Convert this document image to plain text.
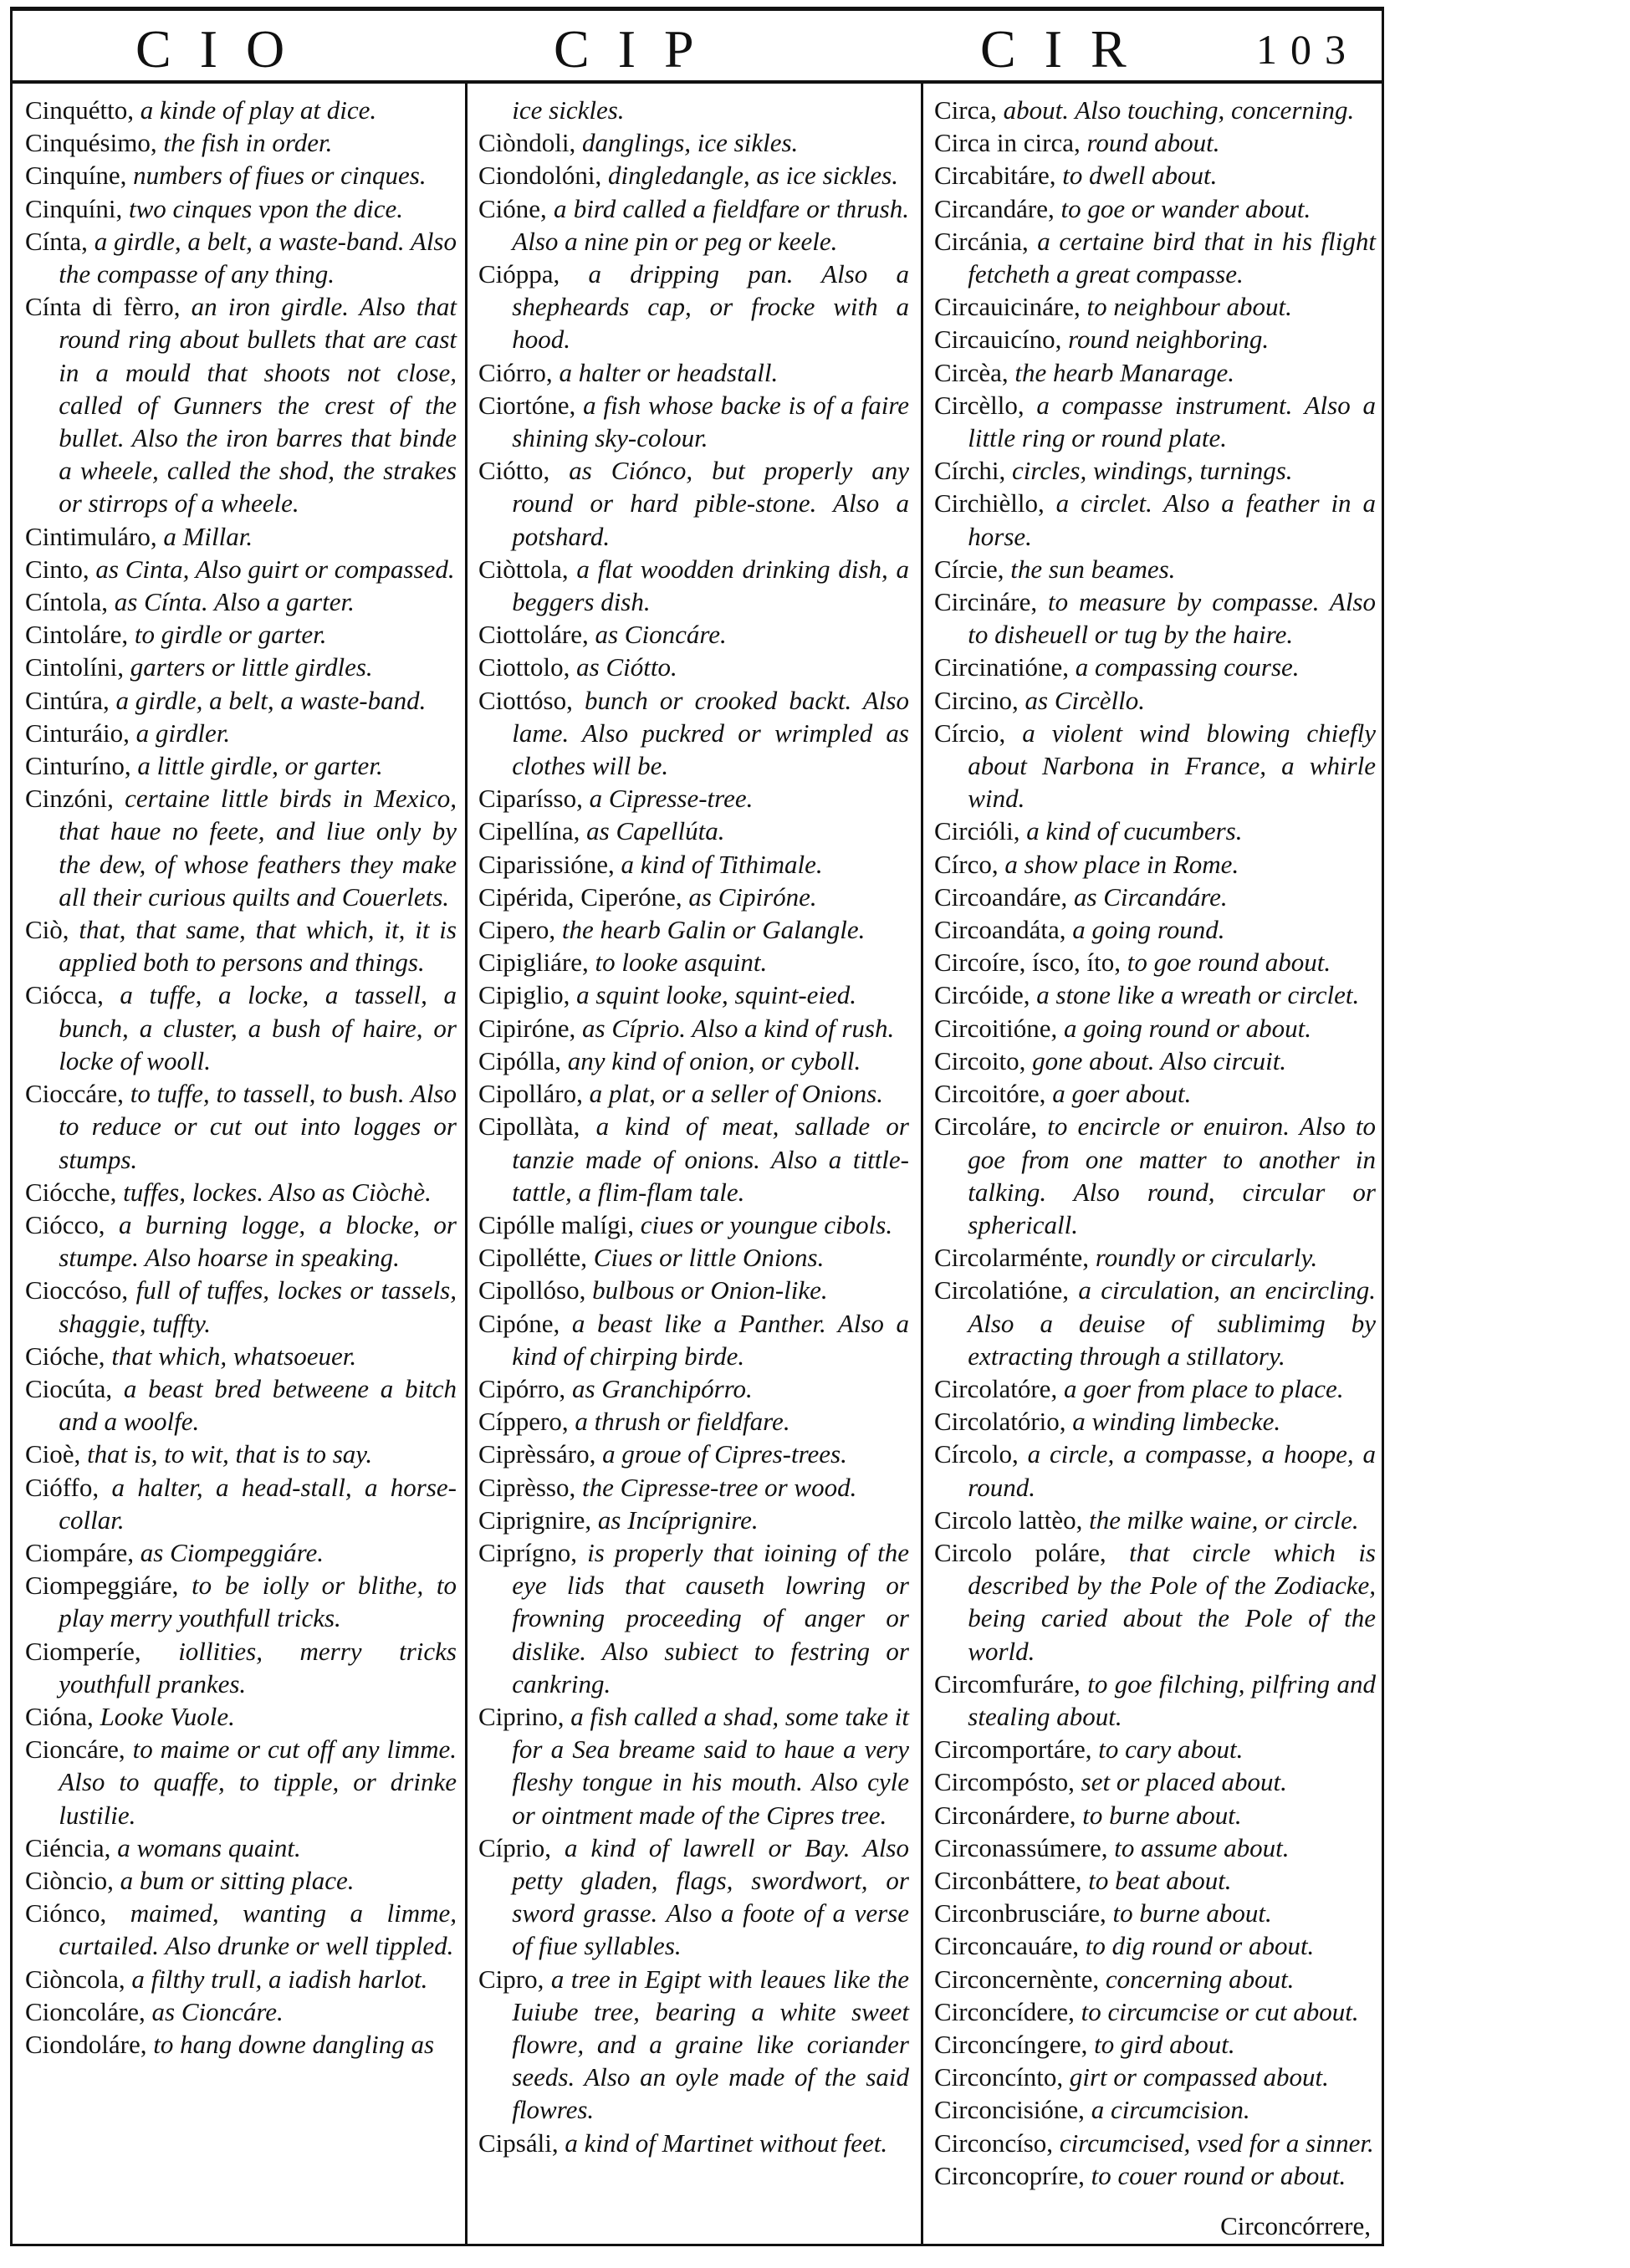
CIO	CIP	CIR 103
Cinquétto, a kinde of play at dice.
Cinquésimo, the fish in order.
Cinquíne, numbers of fiues or cinques.
Cinquíni, two cinques vpon the dice.
Cínta, a girdle, a belt, a waste-band. Also the compasse of any thing.
Cínta di fèrro, an iron girdle. Also that round ring about bullets that are cast in a mould that shoots not close, called of Gunners the crest of the bullet. Also the iron barres that binde a wheele, called the shod, the strakes or stirrops of a wheele.
Cintimuláro, a Millar.
Cinto, as Cinta, Also guirt or compassed.
Cíntola, as Cínta. Also a garter.
Cintoláre, to girdle or garter.
Cintolíni, garters or little girdles.
Cintúra, a girdle, a belt, a waste-band.
Cinturáio, a girdler.
Cinturíno, a little girdle, or garter.
Cinzóni, certaine little birds in Mexico, that haue no feete, and liue only by the dew, of whose feathers they make all their curious quilts and Couerlets.
Ciò, that, that same, that which, it, it is applied both to persons and things.
Ciócca, a tuffe, a locke, a tassell, a bunch, a cluster, a bush of haire, or locke of wooll.
Cioccáre, to tuffe, to tassell, to bush. Also to reduce or cut out into logges or stumps.
Ciócche, tuffes, lockes. Also as Ciòchè.
Ciócco, a burning logge, a blocke, or stumpe. Also hoarse in speaking.
Cioccóso, full of tuffes, lockes or tassels, shaggie, tuffty.
Cióche, that which, whatsoeuer.
Ciocúta, a beast bred betweene a bitch and a woolfe.
Cioè, that is, to wit, that is to say.
Cióffo, a halter, a head-stall, a horse-collar.
Ciompáre, as Ciompeggiáre.
Ciompeggiáre, to be iolly or blithe, to play merry youthfull tricks.
Ciomperíe, iollities, merry tricks youthfull prankes.
Cióna, Looke Vuole.
Cioncáre, to maime or cut off any limme. Also to quaffe, to tipple, or drinke lustilie.
Ciéncia, a womans quaint.
Ciòncio, a bum or sitting place.
Ciónco, maimed, wanting a limme, curtailed. Also drunke or well tippled.
Ciòncola, a filthy trull, a iadish harlot.
Cioncoláre, as Cioncáre.
Ciondoláre, to hang downe dangling as
ice sickles.
Ciòndoli, danglings, ice sikles.
Ciondolóni, dingledangle, as ice sickles.
Cióne, a bird called a fieldfare or thrush. Also a nine pin or peg or keele.
Cióppa, a dripping pan. Also a shepheards cap, or frocke with a hood.
Ciórro, a halter or headstall.
Ciortóne, a fish whose backe is of a faire shining sky-colour.
Ciótto, as Ciónco, but properly any round or hard pible-stone. Also a potshard.
Ciòttola, a flat woodden drinking dish, a beggers dish.
Ciottoláre, as Cioncáre.
Ciottolo, as Ciótto.
Ciottóso, bunch or crooked backt. Also lame. Also puckred or wrimpled as clothes will be.
Ciparísso, a Cipresse-tree.
Cipellína, as Capellúta.
Ciparissióne, a kind of Tithimale.
Cipérida, Ciperóne, as Cipiróne.
Cipero, the hearb Galin or Galangle.
Cipigliáre, to looke asquint.
Cipiglio, a squint looke, squint-eied.
Cipiróne, as Cíprio. Also a kind of rush.
Cipólla, any kind of onion, or cyboll.
Cipolláro, a plat, or a seller of Onions.
Cipollàta, a kind of meat, sallade or tanzie made of onions. Also a tittle-tattle, a flim-flam tale.
Cipólle malígi, ciues or youngue cibols.
Cipollétte, Ciues or little Onions.
Cipollóso, bulbous or Onion-like.
Cipóne, a beast like a Panther. Also a kind of chirping birde.
Cipórro, as Granchipórro.
Cíppero, a thrush or fieldfare.
Ciprèssáro, a groue of Cipres-trees.
Ciprèsso, the Cipresse-tree or wood.
Ciprignire, as Incíprignire.
Ciprígno, is properly that ioining of the eye lids that causeth lowring or frowning proceeding of anger or dislike. Also subiect to festring or cankring.
Ciprino, a fish called a shad, some take it for a Sea breame said to haue a very fleshy tongue in his mouth. Also cyle or ointment made of the Cipres tree.
Cíprio, a kind of lawrell or Bay. Also petty gladen, flags, swordwort, or sword grasse. Also a foote of a verse of fiue syllables.
Cipro, a tree in Egipt with leaues like the Iuiube tree, bearing a white sweet flowre, and a graine like coriander seeds. Also an oyle made of the said flowres.
Cipsáli, a kind of Martinet without feet.
Circa, about. Also touching, concerning.
Circa in circa, round about.
Circabitáre, to dwell about.
Circandáre, to goe or wander about.
Circánia, a certaine bird that in his flight fetcheth a great compasse.
Circauicináre, to neighbour about.
Circauicíno, round neighboring.
Circèa, the hearb Manarage.
Circèllo, a compasse instrument. Also a little ring or round plate.
Círchi, circles, windings, turnings.
Circhièllo, a circlet. Also a feather in a horse.
Círcie, the sun beames.
Circináre, to measure by compasse. Also to disheuell or tug by the haire.
Circinatióne, a compassing course.
Circino, as Circèllo.
Círcio, a violent wind blowing chiefly about Narbona in France, a whirle wind.
Circióli, a kind of cucumbers.
Círco, a show place in Rome.
Circoandáre, as Circandáre.
Circoandáta, a going round.
Circoíre, ísco, íto, to goe round about.
Circóide, a stone like a wreath or circlet.
Circoitióne, a going round or about.
Circoito, gone about. Also circuit.
Circoitóre, a goer about.
Circoláre, to encircle or enuiron. Also to goe from one matter to another in talking. Also round, circular or sphericall.
Circolarménte, roundly or circularly.
Circolatióne, a circulation, an encircling. Also a deuise of sublimimg by extracting through a stillatory.
Circolatóre, a goer from place to place.
Circolatório, a winding limbecke.
Círcolo, a circle, a compasse, a hoope, a round.
Circolo lattèo, the milke waine, or circle.
Circolo poláre, that circle which is described by the Pole of the Zodiacke, being caried about the Pole of the world.
Circomfuráre, to goe filching, pilfring and stealing about.
Circomportáre, to cary about.
Circompósto, set or placed about.
Circonárdere, to burne about.
Circonassúmere, to assume about.
Circonbáttere, to beat about.
Circonbrusciáre, to burne about.
Circoncauáre, to dig round or about.
Circoncernènte, concerning about.
Circoncídere, to circumcise or cut about.
Circoncíngere, to gird about.
Circoncínto, girt or compassed about.
Circoncisióne, a circumcision.
Circoncíso, circumcised, vsed for a sinner.
Circoncopríre, to couer round or about.
Circoncórrere,
